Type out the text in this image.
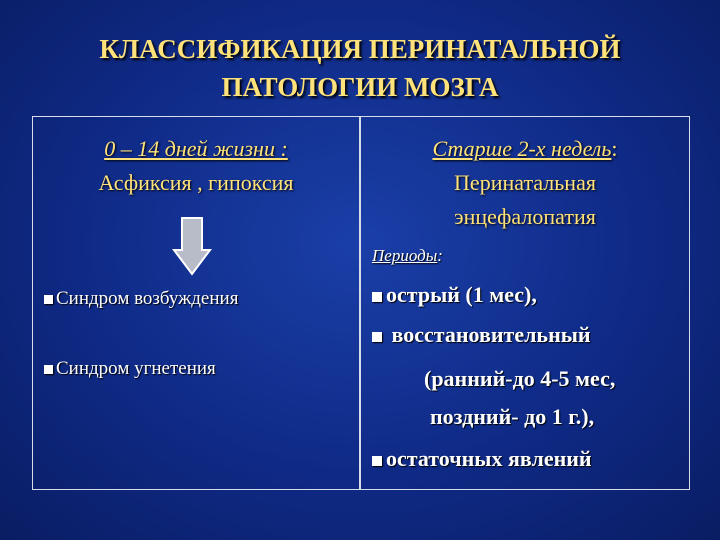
КЛАССИФИКАЦИЯ ПЕРИНАТАЛЬНОЙ
ПАТОЛОГИИ МОЗГА
0 – 14 дней жизни :
Асфиксия , гипоксия
Старше 2-х недель:
Перинатальная
энцефалопатия
Синдром возбуждения
Синдром угнетения
Периоды:
острый (1 мес),
восстановительный
(ранний-до 4-5 мес,
поздний- до 1 г.),
остаточных явлений
